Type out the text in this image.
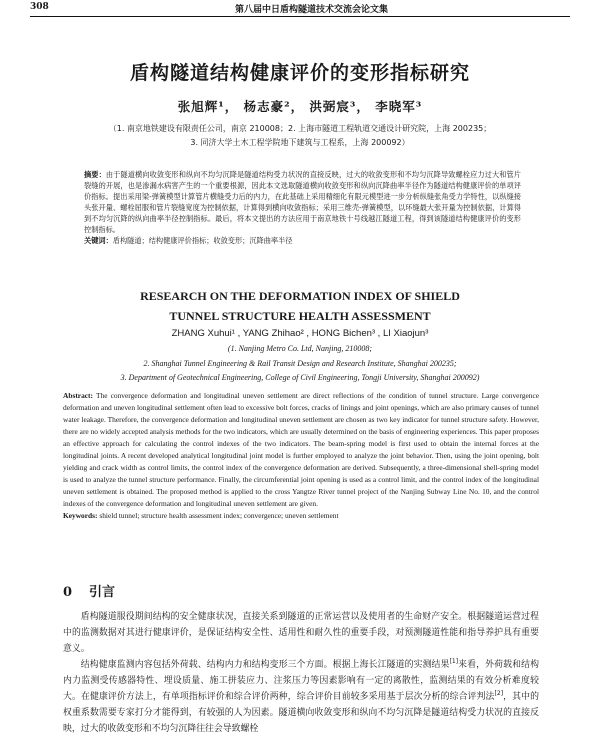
308	第八届中日盾构隧道技术交流会论文集
盾构隧道结构健康评价的变形指标研究
张旭辉¹， 杨志豪²， 洪弼宸³， 李晓军³
（1. 南京地铁建设有限责任公司，南京 210008；2. 上海市隧道工程轨道交通设计研究院，上海 200235；
3. 同济大学土木工程学院地下建筑与工程系，上海 200092）
摘要：由于隧道横向收敛变形和纵向不均匀沉降是隧道结构受力状况的直接反映，过大的收敛变形和不均匀沉降导致螺栓应力过大和管片裂缝的开展，也是渗漏水病害产生的一个重要根源，因此本文选取隧道横向收敛变形和纵向沉降曲率半径作为隧道结构健康评价的单项评价指标。提出采用梁-弹簧模型计算管片横缝受力后的内力，在此基础上采用精细化有限元模型进一步分析纵缝张角受力学特性，以纵缝接头张开量、螺栓屈服和管片裂缝宽度为控制依据，计算得到横向收敛指标；采用三维壳-弹簧模型，以环缝最大张开量为控制依据，计算得到不均匀沉降的纵向曲率半径控制指标。最后，将本文提出的方法应用于南京地铁十号线越江隧道工程，得到该隧道结构健康评价的变形控制指标。
关键词：盾构隧道；结构健康评价指标；收敛变形；沉降曲率半径
RESEARCH ON THE DEFORMATION INDEX OF SHIELD
TUNNEL STRUCTURE HEALTH ASSESSMENT
ZHANG Xuhui¹ , YANG Zhihao² , HONG Bichen³ , LI Xiaojun³
(1. Nanjing Metro Co. Ltd, Nanjing, 210008;
2. Shanghai Tunnel Engineering & Rail Transit Design and Research Institute, Shanghai 200235;
3. Department of Geotechnical Engineering, College of Civil Engineering, Tongji University, Shanghai 200092)
Abstract: The convergence deformation and longitudinal uneven settlement are direct reflections of the condition of tunnel structure. Large convergence deformation and uneven longitudinal settlement often lead to excessive bolt forces, cracks of linings and joint openings, which are also primary causes of tunnel water leakage. Therefore, the convergence deformation and longitudinal uneven settlement are chosen as two key indicator for tunnel structure safety. However, there are no widely accepted analysis methods for the two indicators, which are usually determined on the basis of engineering experiences. This paper proposes an effective approach for calculating the control indexes of the two indicators. The beam-spring model is first used to obtain the internal forces at the longitudinal joints. A recent developed analytical longitudinal joint model is further employed to analyze the joint behavior. Then, using the joint opening, bolt yielding and crack width as control limits, the control index of the convergence deformation are derived. Subsequently, a three-dimensional shell-spring model is used to analyze the tunnel structure performance. Finally, the circumferential joint opening is used as a control limit, and the control index of the longitudinal uneven settlement is obtained. The proposed method is applied to the cross Yangtze River tunnel project of the Nanjing Subway Line No. 10, and the control indexes of the convergence deformation and longitudinal uneven settlement are given.
Keywords: shield tunnel; structure health assessment index; convergence; uneven settlement
0 引言

盾构隧道服役期间结构的安全健康状况，直接关系到隧道的正常运营以及使用者的生命财产安全。根据隧道运营过程中的监测数据对其进行健康评价，是保证结构安全性、适用性和耐久性的重要手段，对预测隧道性能和指导养护具有重要意义。

结构健康监测内容包括外荷载、结构内力和结构变形三个方面。根据上海长江隧道的实测结果[1]来看，外荷载和结构内力监测受传感器特性、埋设质量、施工拼装应力、注浆压力等因素影响有一定的离散性，监测结果的有效分析难度较大。在健康评价方法上，有单项指标评价和综合评价两种，综合评价目前较多采用基于层次分析的综合评判法[2]，其中的权重系数需要专家打分才能得到，有较强的人为因素。隧道横向收敛变形和纵向不均匀沉降是隧道结构受力状况的直接反映，过大的收敛变形和不均匀沉降往往会导致螺栓
